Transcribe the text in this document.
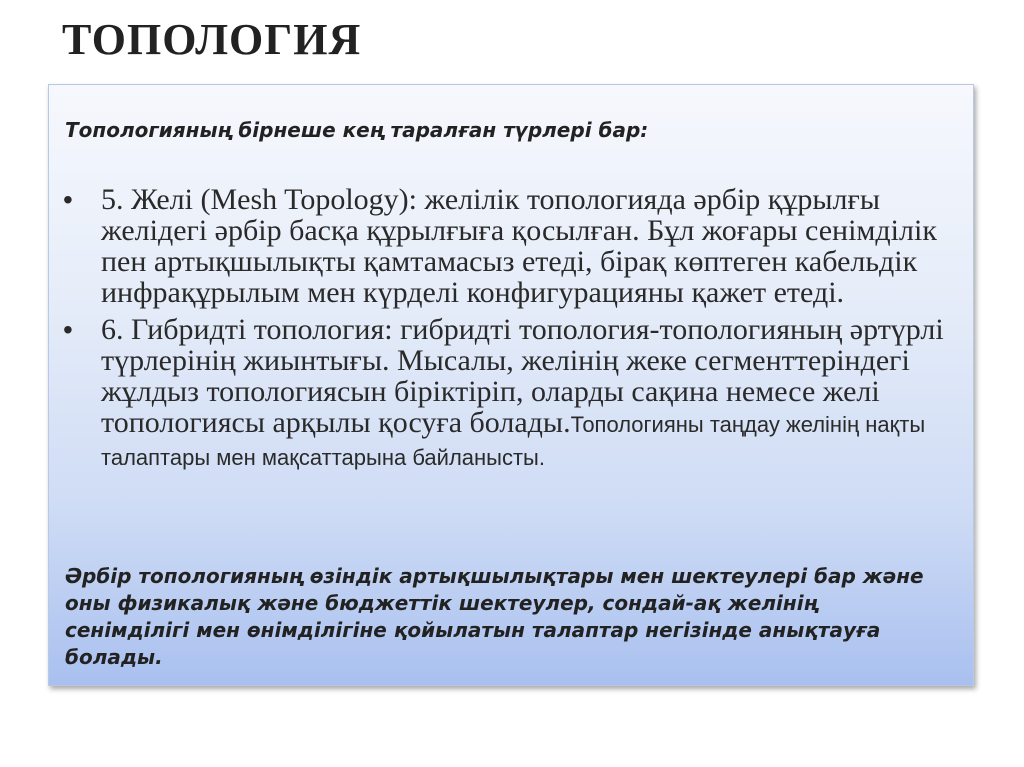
ТОПОЛОГИЯ

Топологияның бірнеше кең таралған түрлері бар:

• 5. Желі (Mesh Topology): желілік топологияда әрбір құрылғы желідегі әрбір басқа құрылғыға қосылған. Бұл жоғары сенімділік пен артықшылықты қамтамасыз етеді, бірақ көптеген кабельдік инфрақұрылым мен күрделі конфигурацияны қажет етеді.
• 6. Гибридті топология: гибридті топология-топологияның әртүрлі түрлерінің жиынтығы. Мысалы, желінің жеке сегменттеріндегі жұлдыз топологиясын біріктіріп, оларды сақина немесе желі топологиясы арқылы қосуға болады.Топологияны таңдау желінің нақты талаптары мен мақсаттарына байланысты.

Әрбір топологияның өзіндік артықшылықтары мен шектеулері бар және оны физикалық және бюджеттік шектеулер, сондай-ақ желінің сенімділігі мен өнімділігіне қойылатын талаптар негізінде анықтауға болады.
